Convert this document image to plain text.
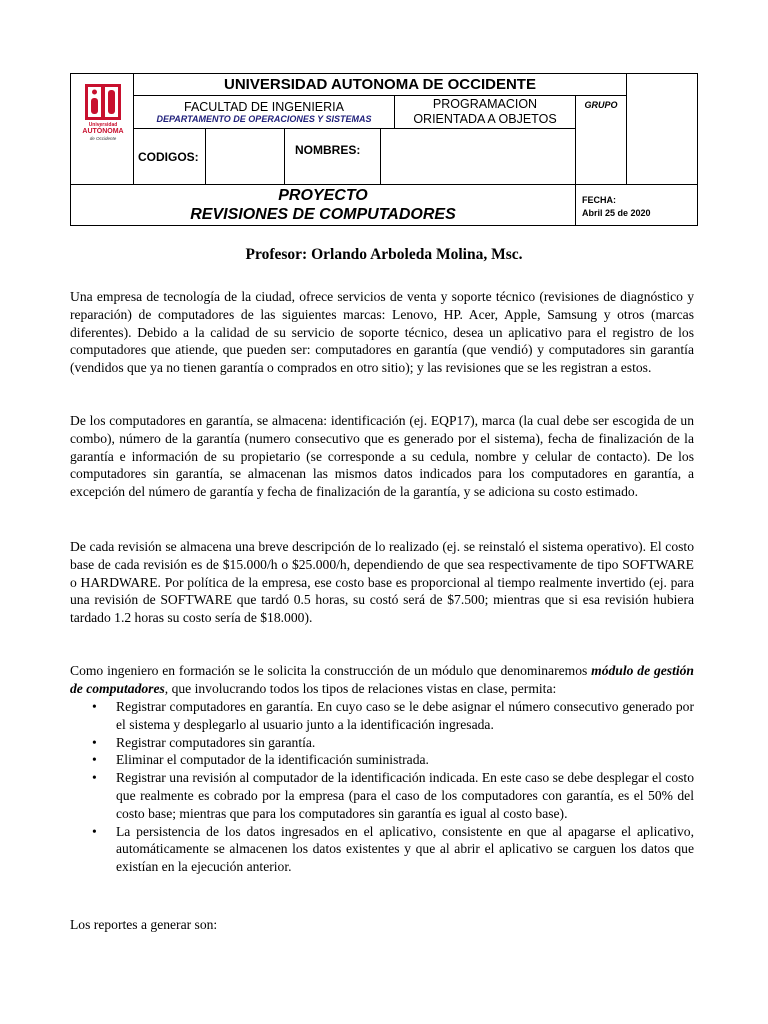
Universidad
AUTÓNOMA
de Occidente
UNIVERSIDAD AUTONOMA DE OCCIDENTE
FACULTAD DE INGENIERIA
DEPARTAMENTO DE OPERACIONES Y SISTEMAS
PROGRAMACION
ORIENTADA A OBJETOS
GRUPO
CODIGOS:	NOMBRES:
PROYECTO
REVISIONES DE COMPUTADORES
FECHA:
Abril 25 de 2020
Profesor: Orlando Arboleda Molina, Msc.
Una empresa de tecnología de la ciudad, ofrece servicios de venta y soporte técnico (revisiones de diagnóstico y reparación) de computadores de las siguientes marcas: Lenovo, HP. Acer, Apple, Samsung y otros (marcas diferentes). Debido a la calidad de su servicio de soporte técnico, desea un aplicativo para el registro de los computadores que atiende, que pueden ser: computadores en garantía (que vendió) y computadores sin garantía (vendidos que ya no tienen garantía o comprados en otro sitio); y las revisiones que se les registran a estos.
De los computadores en garantía, se almacena: identificación (ej. EQP17), marca (la cual debe ser escogida de un combo), número de la garantía (numero consecutivo que es generado por el sistema), fecha de finalización de la garantía e información de su propietario (se corresponde a su cedula, nombre y celular de contacto). De los computadores sin garantía, se almacenan las mismos datos indicados para los computadores en garantía, a excepción del número de garantía y fecha de finalización de la garantía, y se adiciona su costo estimado.
De cada revisión se almacena una breve descripción de lo realizado (ej. se reinstaló el sistema operativo). El costo base de cada revisión es de $15.000/h o $25.000/h, dependiendo de que sea respectivamente de tipo SOFTWARE o HARDWARE. Por política de la empresa, ese costo base es proporcional al tiempo realmente invertido (ej. para una revisión de SOFTWARE que tardó 0.5 horas, su costó será de $7.500; mientras que si esa revisión hubiera tardado 1.2 horas su costo sería de $18.000).
Como ingeniero en formación se le solicita la construcción de un módulo que denominaremos módulo de gestión de computadores, que involucrando todos los tipos de relaciones vistas en clase, permita:
• Registrar computadores en garantía. En cuyo caso se le debe asignar el número consecutivo generado por el sistema y desplegarlo al usuario junto a la identificación ingresada.
• Registrar computadores sin garantía.
• Eliminar el computador de la identificación suministrada.
• Registrar una revisión al computador de la identificación indicada. En este caso se debe desplegar el costo que realmente es cobrado por la empresa (para el caso de los computadores con garantía, es el 50% del costo base; mientras que para los computadores sin garantía es igual al costo base).
• La persistencia de los datos ingresados en el aplicativo, consistente en que al apagarse el aplicativo, automáticamente se almacenen los datos existentes y que al abrir el aplicativo se carguen los datos que existían en la ejecución anterior.
Los reportes a generar son:
